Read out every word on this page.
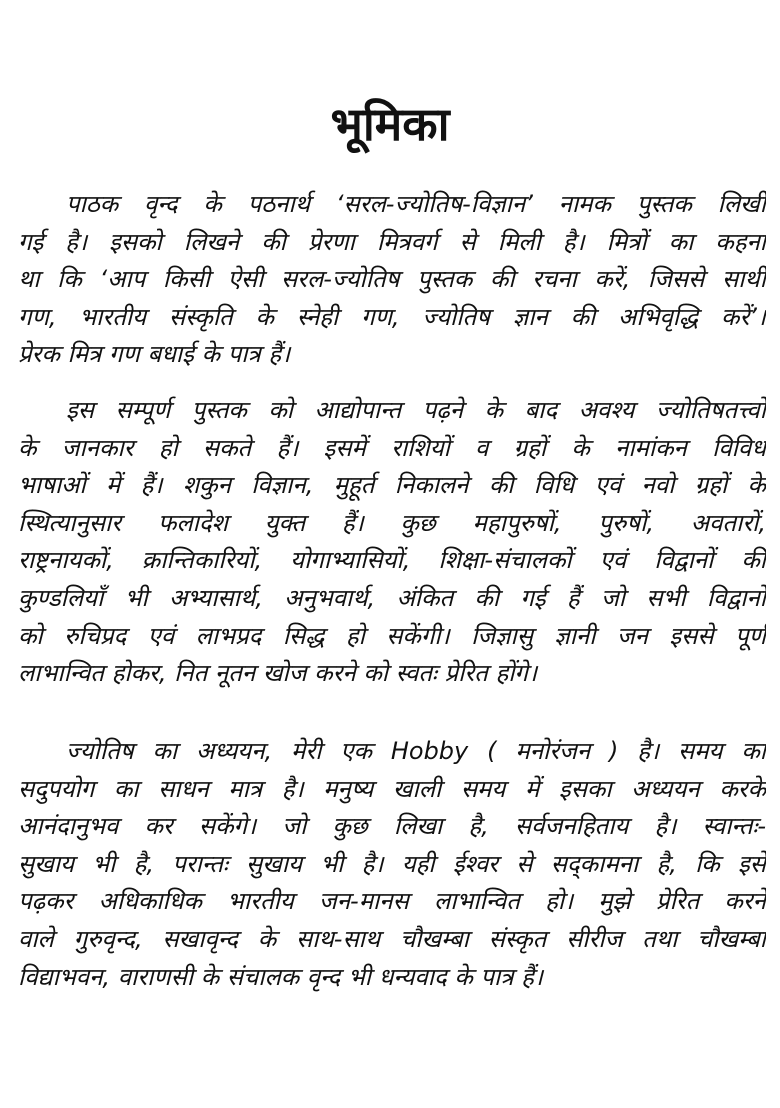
भूमिका
पाठक वृन्द के पठनार्थ ‘सरल-ज्योतिष-विज्ञान’ नामक पुस्तक लिखी
गई है। इसको लिखने की प्रेरणा मित्रवर्ग से मिली है। मित्रों का कहना
था कि ‘आप किसी ऐसी सरल-ज्योतिष पुस्तक की रचना करें, जिससे साथी
गण, भारतीय संस्कृति के स्नेही गण, ज्योतिष ज्ञान की अभिवृद्धि करें’।
प्रेरक मित्र गण बधाई के पात्र हैं।
इस सम्पूर्ण पुस्तक को आद्योपान्त पढ़ने के बाद अवश्य ज्योतिषतत्त्वों
के जानकार हो सकते हैं। इसमें राशियों व ग्रहों के नामांकन विविध
भाषाओं में हैं। शकुन विज्ञान, मुहूर्त निकालने की विधि एवं नवो ग्रहों के
स्थित्यानुसार फलादेश युक्त हैं। कुछ महापुरुषों, पुरुषों, अवतारों,
राष्ट्रनायकों, क्रान्तिकारियों, योगाभ्यासियों, शिक्षा-संचालकों एवं विद्वानों की
कुण्डलियाँ भी अभ्यासार्थ, अनुभवार्थ, अंकित की गई हैं जो सभी विद्वानों
को रुचिप्रद एवं लाभप्रद सिद्ध हो सकेंगी। जिज्ञासु ज्ञानी जन इससे पूर्ण
लाभान्वित होकर, नित नूतन खोज करने को स्वतः प्रेरित होंगे।
ज्योतिष का अध्ययन, मेरी एक Hobby ( मनोरंजन ) है। समय का
सदुपयोग का साधन मात्र है। मनुष्य खाली समय में इसका अध्ययन करके
आनंदानुभव कर सकेंगे। जो कुछ लिखा है, सर्वजनहिताय है। स्वान्तः-
सुखाय भी है, परान्तः सुखाय भी है। यही ईश्वर से सद्कामना है, कि इसे
पढ़कर अधिकाधिक भारतीय जन-मानस लाभान्वित हो। मुझे प्रेरित करने
वाले गुरुवृन्द, सखावृन्द के साथ-साथ चौखम्बा संस्कृत सीरीज तथा चौखम्बा
विद्याभवन, वाराणसी के संचालक वृन्द भी धन्यवाद के पात्र हैं।
